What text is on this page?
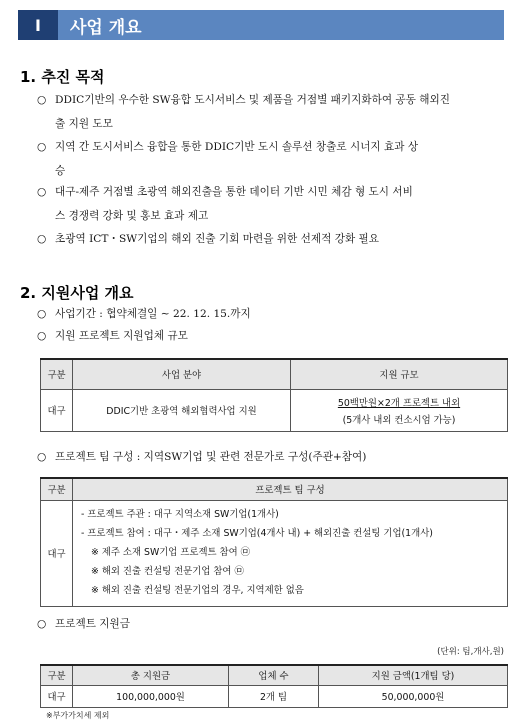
I	사업 개요
1. 추진 목적
○ DDIC기반의 우수한 SW융합 도시서비스 및 제품을 거점별 패키지화하여 공동 해외진
출 지원 도모
○ 지역 간 도시서비스 융합을 통한 DDIC기반 도시 솔루션 창출로 시너지 효과 상
승
○ 대구-제주 거점별 초광역 해외진출을 통한 데이터 기반 시민 체감 형 도시 서비
스 경쟁력 강화 및 홍보 효과 제고
○ 초광역 ICT・SW기업의 해외 진출 기회 마련을 위한 선제적 강화 필요
2. 지원사업 개요
○ 사업기간 : 협약체결일 ∼ 22. 12. 15.까지
○ 지원 프로젝트 지원업체 규모
구분	사업 분야	지원 규모
대구	DDIC기반 초광역 해외협력사업 지원	50백만원×2개 프로젝트 내외
(5개사 내외 컨소시엄 가능)
○ 프로젝트 팀 구성 : 지역SW기업 및 관련 전문가로 구성(주관+참여)
구분	프로젝트 팀 구성
대구	- 프로젝트 주관 : 대구 지역소재 SW기업(1개사)
- 프로젝트 참여 : 대구・제주 소재 SW기업(4개사 내) + 해외진출 컨설팅 기업(1개사)
※ 제주 소재 SW기업 프로젝트 참여 ㉤
※ 해외 진출 컨설팅 전문기업 참여 ㉤
※ 해외 진출 컨설팅 전문기업의 경우, 지역제한 없음
○ 프로젝트 지원금
(단위: 팀,개사,원)
구분	총 지원금	업체 수	지원 금액(1개팀 당)
대구	100,000,000원	2개 팀	50,000,000원
※부가가치세 제외
